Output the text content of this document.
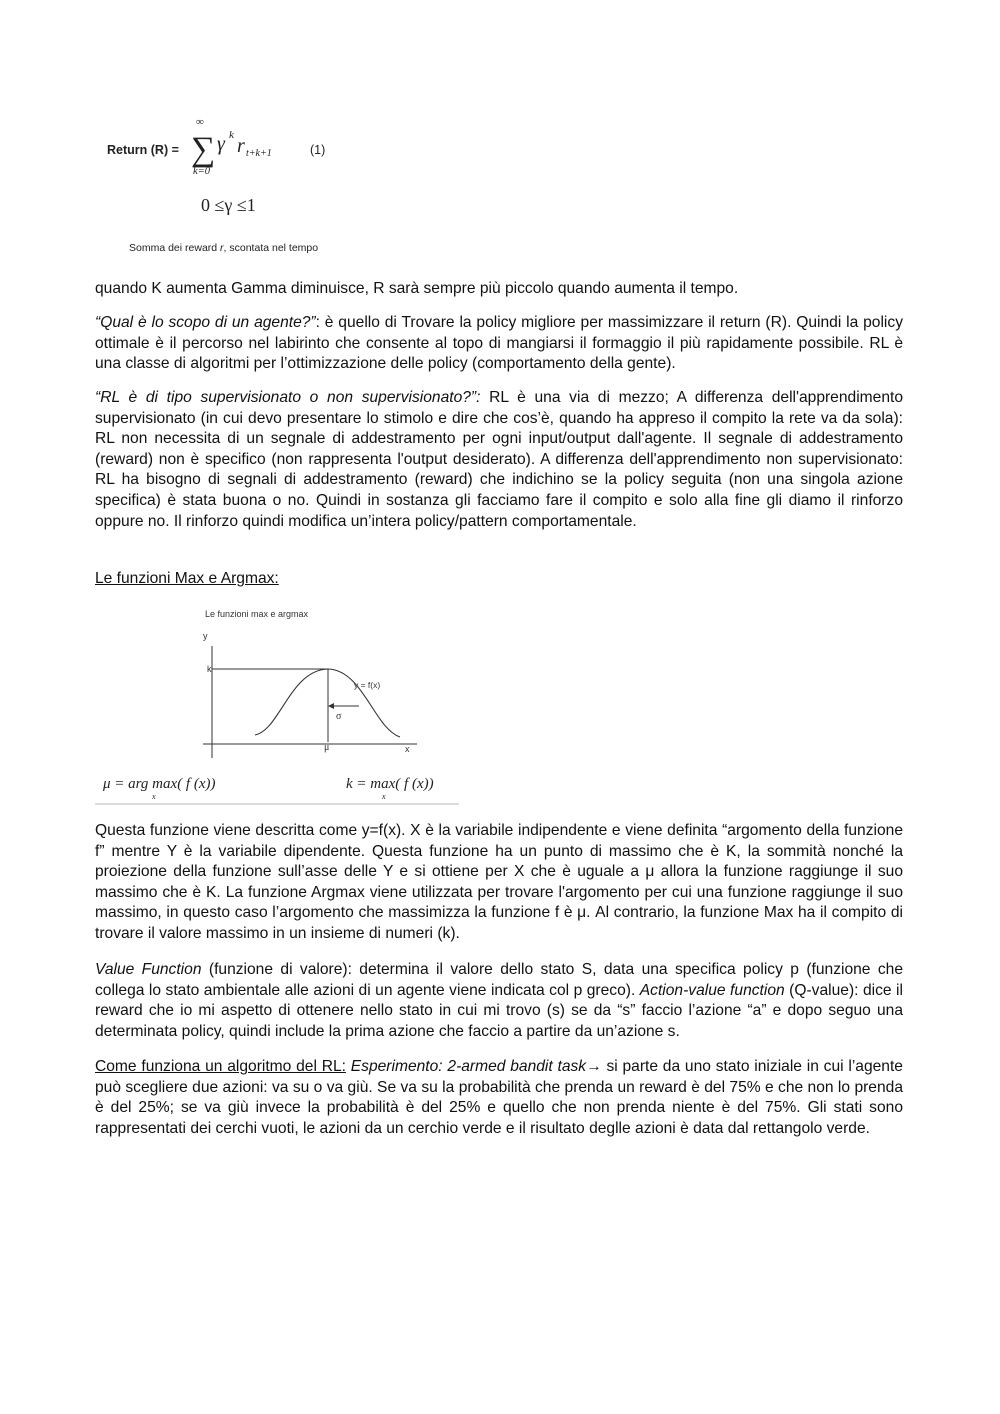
Return (R) =
∞
∑
k=0
γ k r t+k+1	(1)
0 ≤γ ≤1
Somma dei reward r, scontata nel tempo

quando K aumenta Gamma diminuisce, R sarà sempre più piccolo quando aumenta il tempo.

“Qual è lo scopo di un agente?”: è quello di Trovare la policy migliore per massimizzare il return (R). Quindi la policy ottimale è il percorso nel labirinto che consente al topo di mangiarsi il formaggio il più rapidamente possibile. RL è una classe di algoritmi per l’ottimizzazione delle policy (comportamento della gente).

“RL è di tipo supervisionato o non supervisionato?”: RL è una via di mezzo; A differenza dell'apprendimento supervisionato (in cui devo presentare lo stimolo e dire che cos’è, quando ha appreso il compito la rete va da sola): RL non necessita di un segnale di addestramento per ogni input/output dall'agente. Il segnale di addestramento (reward) non è specifico (non rappresenta l'output desiderato). A differenza dell'apprendimento non supervisionato: RL ha bisogno di segnali di addestramento (reward) che indichino se la policy seguita (non una singola azione specifica) è stata buona o no. Quindi in sostanza gli facciamo fare il compito e solo alla fine gli diamo il rinforzo oppure no. Il rinforzo quindi modifica un’intera policy/pattern comportamentale.

Le funzioni Max e Argmax:

Le funzioni max e argmax
y
x
k
σ
y = f(x)
μ
μ = arg max( f (x))
x
k = max( f (x))
x

Questa funzione viene descritta come y=f(x). X è la variabile indipendente e viene definita “argomento della funzione f” mentre Y è la variabile dipendente. Questa funzione ha un punto di massimo che è K, la sommità nonché la proiezione della funzione sull’asse delle Y e si ottiene per X che è uguale a μ allora la funzione raggiunge il suo massimo che è K. La funzione Argmax viene utilizzata per trovare l'argomento per cui una funzione raggiunge il suo massimo, in questo caso l’argomento che massimizza la funzione f è μ. Al contrario, la funzione Max ha il compito di trovare il valore massimo in un insieme di numeri (k).

Value Function (funzione di valore): determina il valore dello stato S, data una specifica policy p (funzione che collega lo stato ambientale alle azioni di un agente viene indicata col p greco). Action-value function (Q-value): dice il reward che io mi aspetto di ottenere nello stato in cui mi trovo (s) se da “s” faccio l’azione “a” e dopo seguo una determinata policy, quindi include la prima azione che faccio a partire da un’azione s.

Come funziona un algoritmo del RL: Esperimento: 2-armed bandit task→ si parte da uno stato iniziale in cui l’agente può scegliere due azioni: va su o va giù. Se va su la probabilità che prenda un reward è del 75% e che non lo prenda è del 25%; se va giù invece la probabilità è del 25% e quello che non prenda niente è del 75%. Gli stati sono rappresentati dei cerchi vuoti, le azioni da un cerchio verde e il risultato deglle azioni è data dal rettangolo verde.
